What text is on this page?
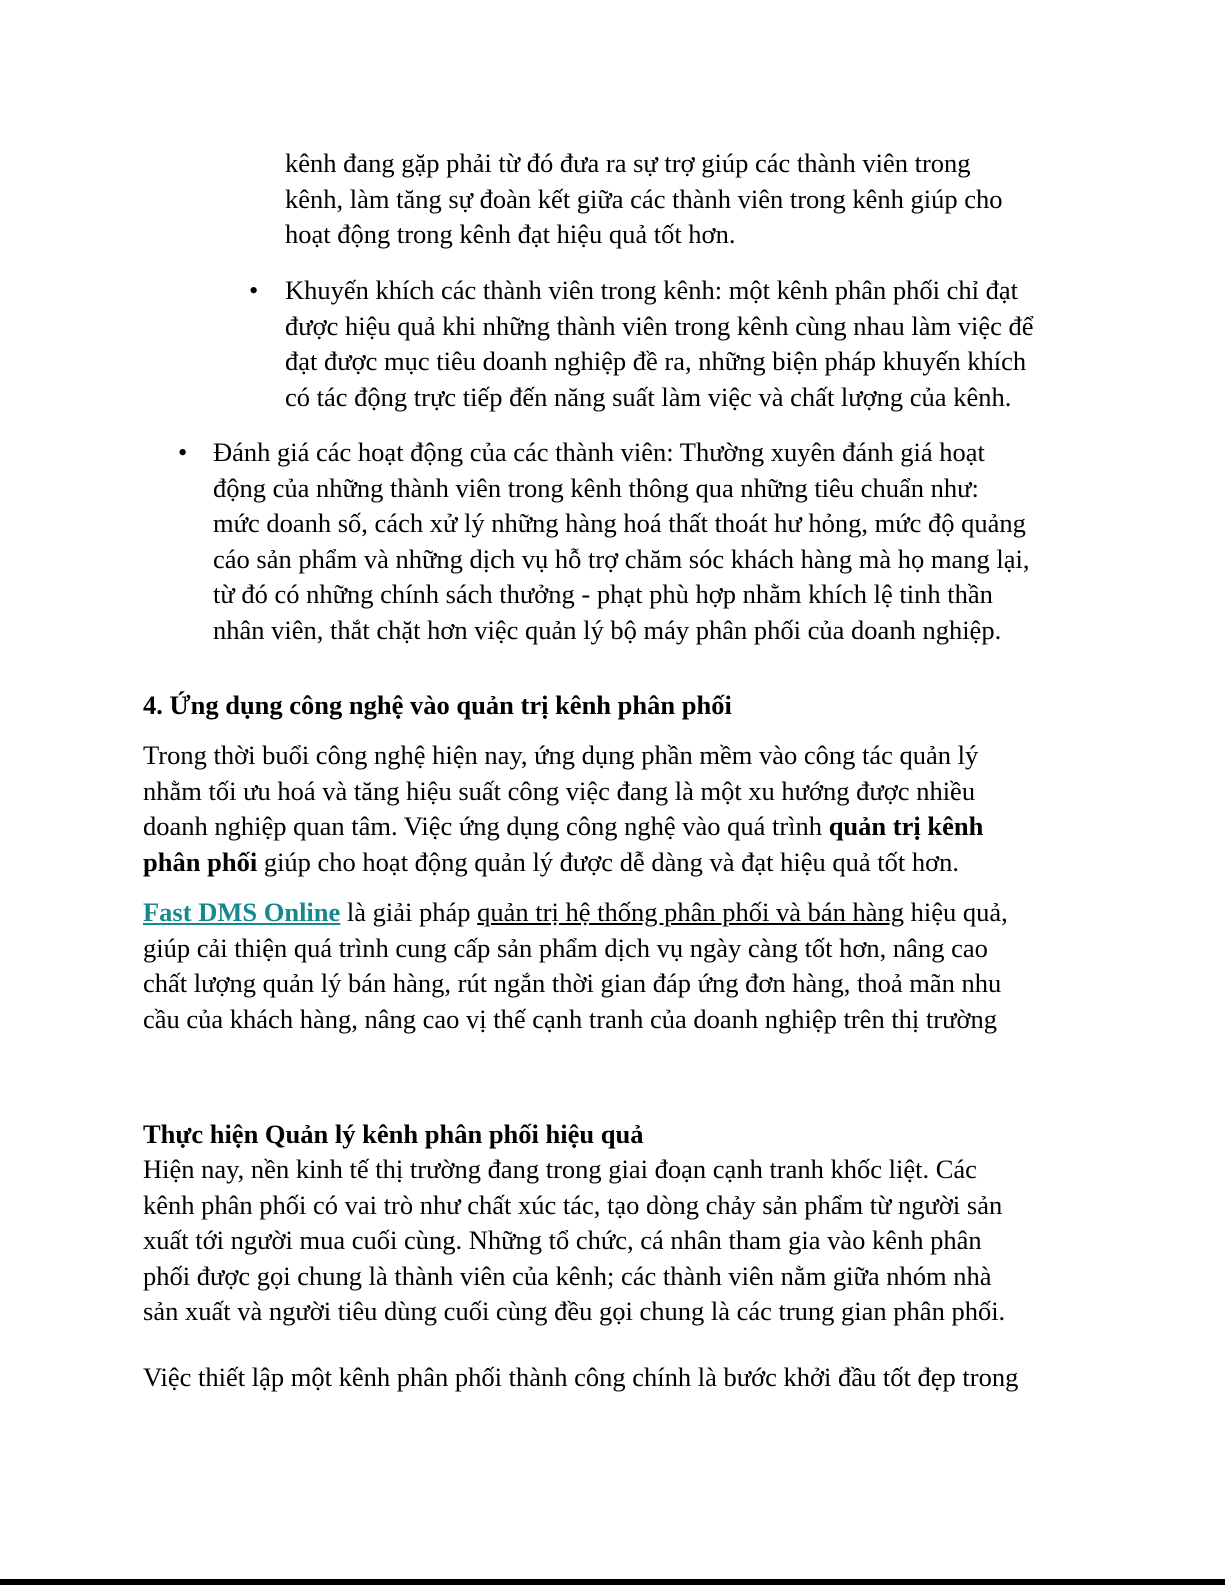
kênh đang gặp phải từ đó đưa ra sự trợ giúp các thành viên trong
kênh, làm tăng sự đoàn kết giữa các thành viên trong kênh giúp cho
hoạt động trong kênh đạt hiệu quả tốt hơn.
• Khuyến khích các thành viên trong kênh: một kênh phân phối chỉ đạt
được hiệu quả khi những thành viên trong kênh cùng nhau làm việc để
đạt được mục tiêu doanh nghiệp đề ra, những biện pháp khuyến khích
có tác động trực tiếp đến năng suất làm việc và chất lượng của kênh.
• Đánh giá các hoạt động của các thành viên: Thường xuyên đánh giá hoạt
động của những thành viên trong kênh thông qua những tiêu chuẩn như:
mức doanh số, cách xử lý những hàng hoá thất thoát hư hỏng, mức độ quảng
cáo sản phẩm và những dịch vụ hỗ trợ chăm sóc khách hàng mà họ mang lại,
từ đó có những chính sách thưởng - phạt phù hợp nhằm khích lệ tinh thần
nhân viên, thắt chặt hơn việc quản lý bộ máy phân phối của doanh nghiệp.
4. Ứng dụng công nghệ vào quản trị kênh phân phối
Trong thời buổi công nghệ hiện nay, ứng dụng phần mềm vào công tác quản lý
nhằm tối ưu hoá và tăng hiệu suất công việc đang là một xu hướng được nhiều
doanh nghiệp quan tâm. Việc ứng dụng công nghệ vào quá trình quản trị kênh
phân phối giúp cho hoạt động quản lý được dễ dàng và đạt hiệu quả tốt hơn.
Fast DMS Online là giải pháp quản trị hệ thống phân phối và bán hàng hiệu quả,
giúp cải thiện quá trình cung cấp sản phẩm dịch vụ ngày càng tốt hơn, nâng cao
chất lượng quản lý bán hàng, rút ngắn thời gian đáp ứng đơn hàng, thoả mãn nhu
cầu của khách hàng, nâng cao vị thế cạnh tranh của doanh nghiệp trên thị trường
Thực hiện Quản lý kênh phân phối hiệu quả
Hiện nay, nền kinh tế thị trường đang trong giai đoạn cạnh tranh khốc liệt. Các
kênh phân phối có vai trò như chất xúc tác, tạo dòng chảy sản phẩm từ người sản
xuất tới người mua cuối cùng. Những tổ chức, cá nhân tham gia vào kênh phân
phối được gọi chung là thành viên của kênh; các thành viên nằm giữa nhóm nhà
sản xuất và người tiêu dùng cuối cùng đều gọi chung là các trung gian phân phối.
Việc thiết lập một kênh phân phối thành công chính là bước khởi đầu tốt đẹp trong
